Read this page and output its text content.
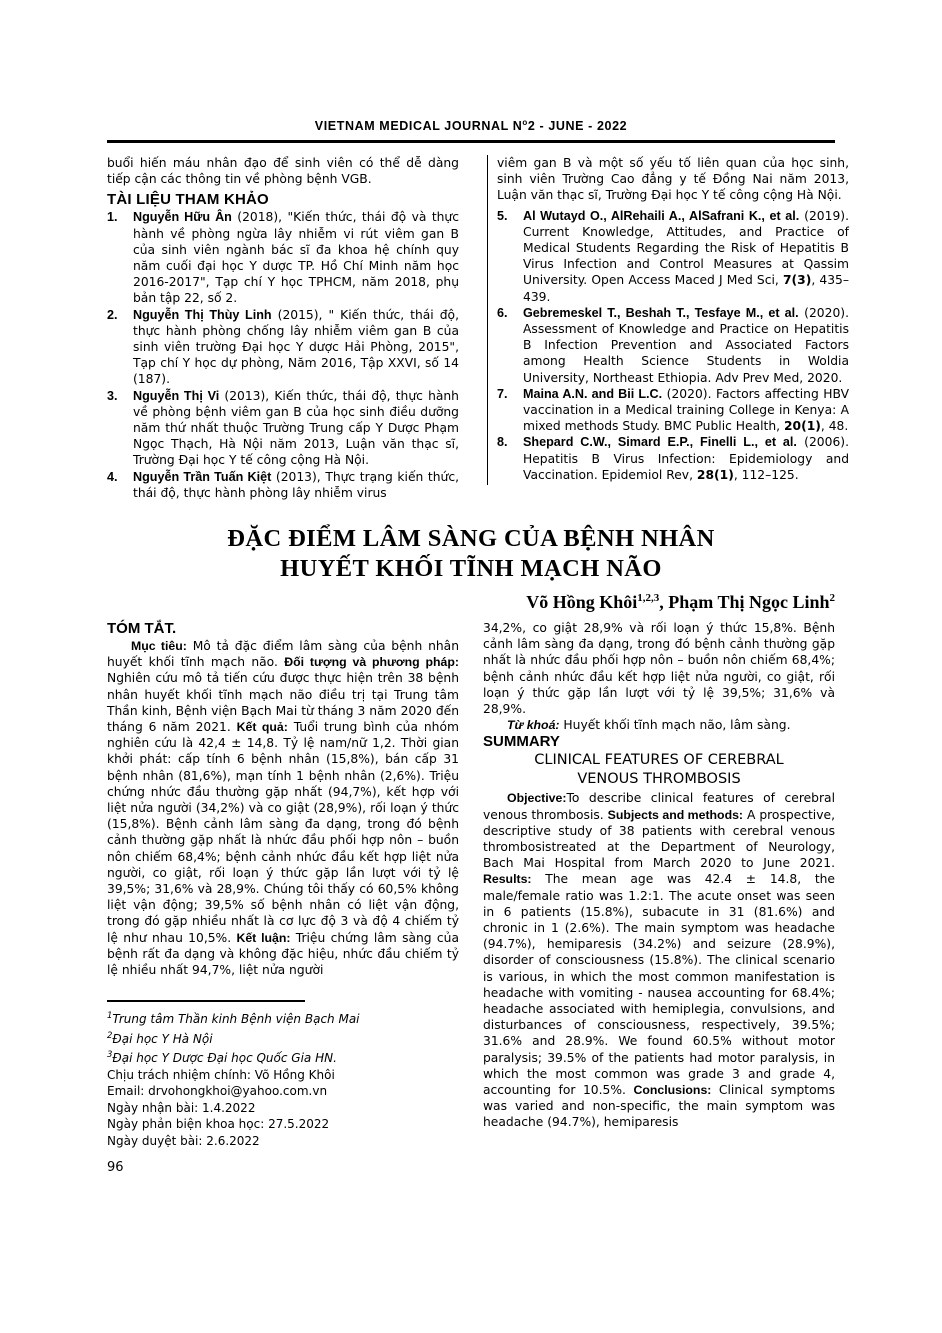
VIETNAM MEDICAL JOURNAL $N^o2$ - JUNE - 2022

buổi hiến máu nhân đạo để sinh viên có thể dễ dàng tiếp cận các thông tin về phòng bệnh VGB.

TÀI LIỆU THAM KHẢO
1.	Nguyễn Hữu Ân (2018), "Kiến thức, thái độ và thực hành về phòng ngừa lây nhiễm vi rút viêm gan B của sinh viên ngành bác sĩ đa khoa hệ chính quy năm cuối đại học Y dược TP. Hồ Chí Minh năm học 2016-2017", Tạp chí Y học TPHCM, năm 2018, phụ bản tập 22, số 2.
2.	Nguyễn Thị Thùy Linh (2015), " Kiến thức, thái độ, thực hành phòng chống lây nhiễm viêm gan B của sinh viên trường Đại học Y dược Hải Phòng, 2015", Tạp chí Y học dự phòng, Năm 2016, Tập XXVI, số 14 (187).
3.	Nguyễn Thị Vi (2013), Kiến thức, thái độ, thực hành về phòng bệnh viêm gan B của học sinh điều dưỡng năm thứ nhất thuộc Trường Trung cấp Y Dược Phạm Ngọc Thạch, Hà Nội năm 2013, Luận văn thạc sĩ, Trường Đại học Y tế công cộng Hà Nội.
4.	Nguyễn Trần Tuấn Kiệt (2013), Thực trạng kiến thức, thái độ, thực hành phòng lây nhiễm virus

viêm gan B và một số yếu tố liên quan của học sinh, sinh viên Trường Cao đẳng y tế Đồng Nai năm 2013, Luận văn thạc sĩ, Trường Đại học Y tế công cộng Hà Nội.

5.	Al Wutayd O., AlRehaili A., AlSafrani K., et al. (2019). Current Knowledge, Attitudes, and Practice of Medical Students Regarding the Risk of Hepatitis B Virus Infection and Control Measures at Qassim University. Open Access Maced J Med Sci, 7(3), 435–439.
6.	Gebremeskel T., Beshah T., Tesfaye M., et al. (2020). Assessment of Knowledge and Practice on Hepatitis B Infection Prevention and Associated Factors among Health Science Students in Woldia University, Northeast Ethiopia. Adv Prev Med, 2020.
7.	Maina A.N. and Bii L.C. (2020). Factors affecting HBV vaccination in a Medical training College in Kenya: A mixed methods Study. BMC Public Health, 20(1), 48.
8.	Shepard C.W., Simard E.P., Finelli L., et al. (2006). Hepatitis B Virus Infection: Epidemiology and Vaccination. Epidemiol Rev, 28(1), 112–125.
ĐẶC ĐIỂM LÂM SÀNG CỦA BỆNH NHÂN
HUYẾT KHỐI TĨNH MẠCH NÃO
Võ Hồng Khôi$^{1,2,3}$, Phạm Thị Ngọc Linh$^2$
TÓM TẮT.

Mục tiêu: Mô tả đặc điểm lâm sàng của bệnh nhân huyết khối tĩnh mạch não. Đối tượng và phương pháp: Nghiên cứu mô tả tiến cứu được thực hiện trên 38 bệnh nhân huyết khối tĩnh mạch não điều trị tại Trung tâm Thần kinh, Bệnh viện Bạch Mai từ tháng 3 năm 2020 đến tháng 6 năm 2021. Kết quả: Tuổi trung bình của nhóm nghiên cứu là 42,4 ± 14,8. Tỷ lệ nam/nữ 1,2. Thời gian khởi phát: cấp tính 6 bệnh nhân (15,8%), bán cấp 31 bệnh nhân (81,6%), mạn tính 1 bệnh nhân (2,6%). Triệu chứng nhức đầu thường gặp nhất (94,7%), kết hợp với liệt nửa người (34,2%) và co giật (28,9%), rối loạn ý thức (15,8%). Bệnh cảnh lâm sàng đa dạng, trong đó bệnh cảnh thường gặp nhất là nhức đầu phối hợp nôn – buồn nôn chiếm 68,4%; bệnh cảnh nhức đầu kết hợp liệt nửa người, co giật, rối loạn ý thức gặp lần lượt với tỷ lệ 39,5%; 31,6% và 28,9%. Chúng tôi thấy có 60,5% không liệt vận động; 39,5% số bệnh nhân có liệt vận động, trong đó gặp nhiều nhất là cơ lực độ 3 và độ 4 chiếm tỷ lệ như nhau 10,5%. Kết luận: Triệu chứng lâm sàng của bệnh rất đa dạng và không đặc hiệu, nhức đầu chiếm tỷ lệ nhiều nhất 94,7%, liệt nửa người

34,2%, co giật 28,9% và rối loạn ý thức 15,8%. Bệnh cảnh lâm sàng đa dạng, trong đó bệnh cảnh thường gặp nhất là nhức đầu phối hợp nôn – buồn nôn chiếm 68,4%; bệnh cảnh nhức đầu kết hợp liệt nửa người, co giật, rối loạn ý thức gặp lần lượt với tỷ lệ 39,5%; 31,6% và 28,9%.

Từ khoá: Huyết khối tĩnh mạch não, lâm sàng.

SUMMARY
CLINICAL FEATURES OF CEREBRAL
VENOUS THROMBOSIS

Objective:To describe clinical features of cerebral venous thrombosis. Subjects and methods: A prospective, descriptive study of 38 patients with cerebral venous thrombosistreated at the Department of Neurology, Bach Mai Hospital from March 2020 to June 2021. Results: The mean age was 42.4 ± 14.8, the male/female ratio was 1.2:1. The acute onset was seen in 6 patients (15.8%), subacute in 31 (81.6%) and chronic in 1 (2.6%). The main symptom was headache (94.7%), hemiparesis (34.2%) and seizure (28.9%), disorder of consciousness (15.8%). The clinical scenario is various, in which the most common manifestation is headache with vomiting - nausea accounting for 68.4%; headache associated with hemiplegia, convulsions, and disturbances of consciousness, respectively, 39.5%; 31.6% and 28.9%. We found 60.5% without motor paralysis; 39.5% of the patients had motor paralysis, in which the most common was grade 3 and grade 4, accounting for 10.5%. Conclusions: Clinical symptoms was varied and non-specific, the main symptom was headache (94.7%), hemiparesis

$^1$Trung tâm Thần kinh Bệnh viện Bạch Mai
$^2$Đại học Y Hà Nội
$^3$Đại học Y Dược Đại học Quốc Gia HN.
Chịu trách nhiệm chính: Võ Hồng Khôi
Email: drvohongkhoi@yahoo.com.vn
Ngày nhận bài: 1.4.2022
Ngày phản biện khoa học: 27.5.2022
Ngày duyệt bài: 2.6.2022
96
